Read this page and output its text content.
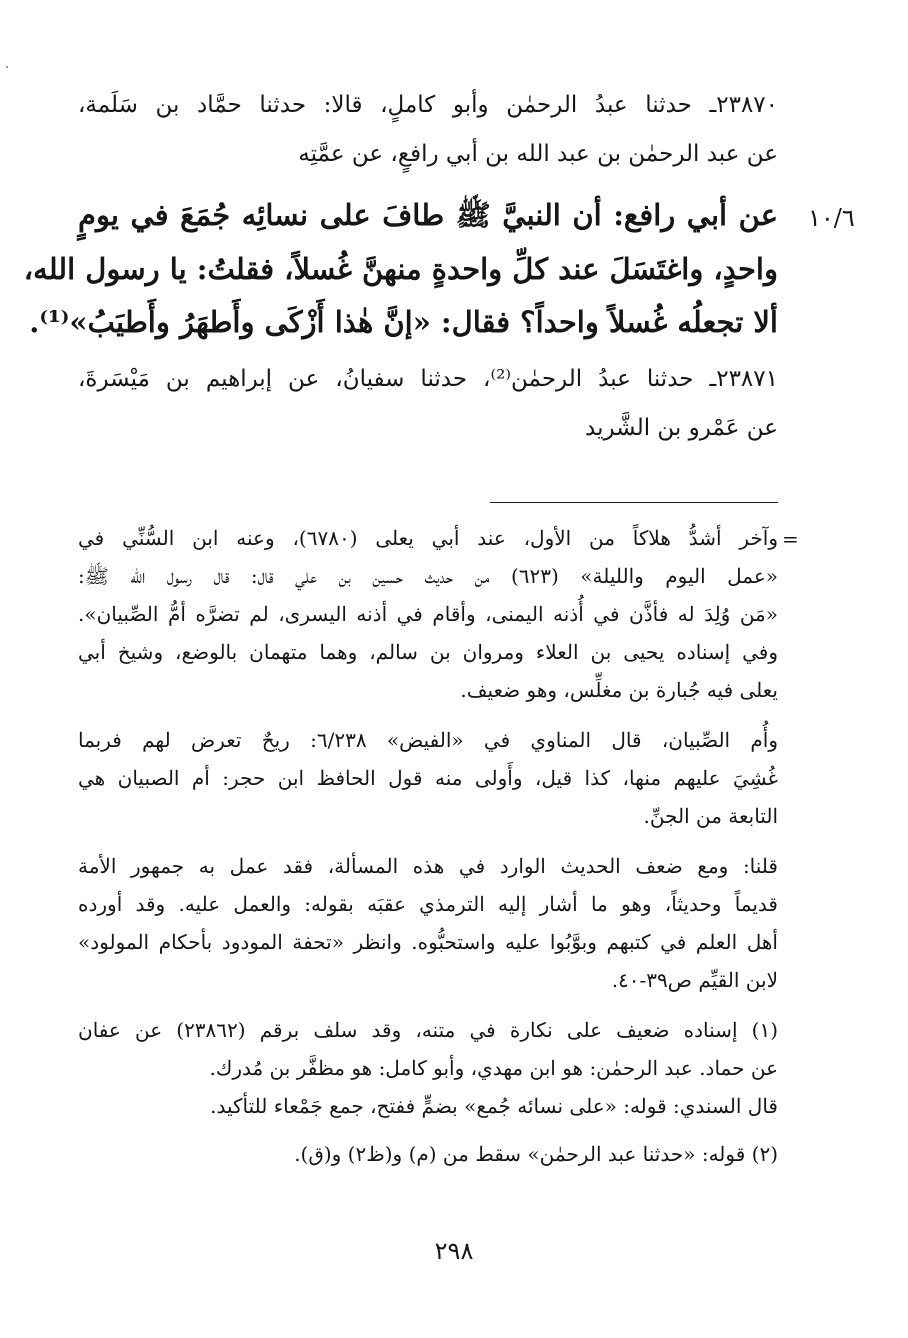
٢٣٨٧٠ـ حدثنا عبدُ الرحمٰن وأبو كاملٍ، قالا: حدثنا حمَّاد بن سَلَمة،
عن عبد الرحمٰن بن عبد الله بن أبي رافعٍ، عن عمَّتِه
١٠/٦
عن أبي رافع: أن النبيَّ ﷺ طافَ على نسائِه جُمَعَ في يومٍ
واحدٍ، واغتَسَلَ عند كلِّ واحدةٍ منهنَّ غُسلاً، فقلتُ: يا رسول الله،
ألا تجعلُه غُسلاً واحداً؟ فقال: «إنَّ هٰذا أَزْكَى وأَطهَرُ وأَطيَبُ»⁽¹⁾.
٢٣٨٧١ـ حدثنا عبدُ الرحمٰن⁽²⁾، حدثنا سفيانُ، عن إبراهيم بن مَيْسَرةَ،
عن عَمْرو بن الشَّريد
=
وآخر أشدُّ هلاكاً من الأول، عند أبي يعلى (٦٧٨٠)، وعنه ابن السُّنِّي في
«عمل اليوم والليلة» (٦٢٣) من حديث حسين بن علي قال: قال رسول الله ﷺ:
«مَن وُلِدَ له فأذَّن في أُذنه اليمنى، وأقام في أذنه اليسرى، لم تضرَّه أمُّ الصِّبيان».
وفي إسناده يحيى بن العلاء ومروان بن سالم، وهما متهمان بالوضع، وشيخ أبي
يعلى فيه جُبارة بن مغلِّس، وهو ضعيف.
وأُم الصِّبيان، قال المناوي في «الفيض» ٦/٢٣٨: ريحٌ تعرض لهم فربما
غُشِيَ عليهم منها، كذا قيل، وأَولى منه قول الحافظ ابن حجر: أم الصبيان هي
التابعة من الجنِّ.
قلنا: ومع ضعف الحديث الوارد في هذه المسألة، فقد عمل به جمهور الأمة
قديماً وحديثاً، وهو ما أشار إليه الترمذي عقبَه بقوله: والعمل عليه. وقد أورده
أهل العلم في كتبهم وبوَّبُوا عليه واستحبُّوه. وانظر «تحفة المودود بأحكام المولود»
لابن القيِّم ص٣٩-٤٠.
(١) إسناده ضعيف على نكارة في متنه، وقد سلف برقم (٢٣٨٦٢) عن عفان
عن حماد. عبد الرحمٰن: هو ابن مهدي، وأبو كامل: هو مظفَّر بن مُدرك.
قال السندي: قوله: «على نسائه جُمع» بضمٍّ ففتح، جمع جَمْعاء للتأكيد.
(٢) قوله: «حدثنا عبد الرحمٰن» سقط من (م) و(ظ٢) و(ق).
٢٩٨
